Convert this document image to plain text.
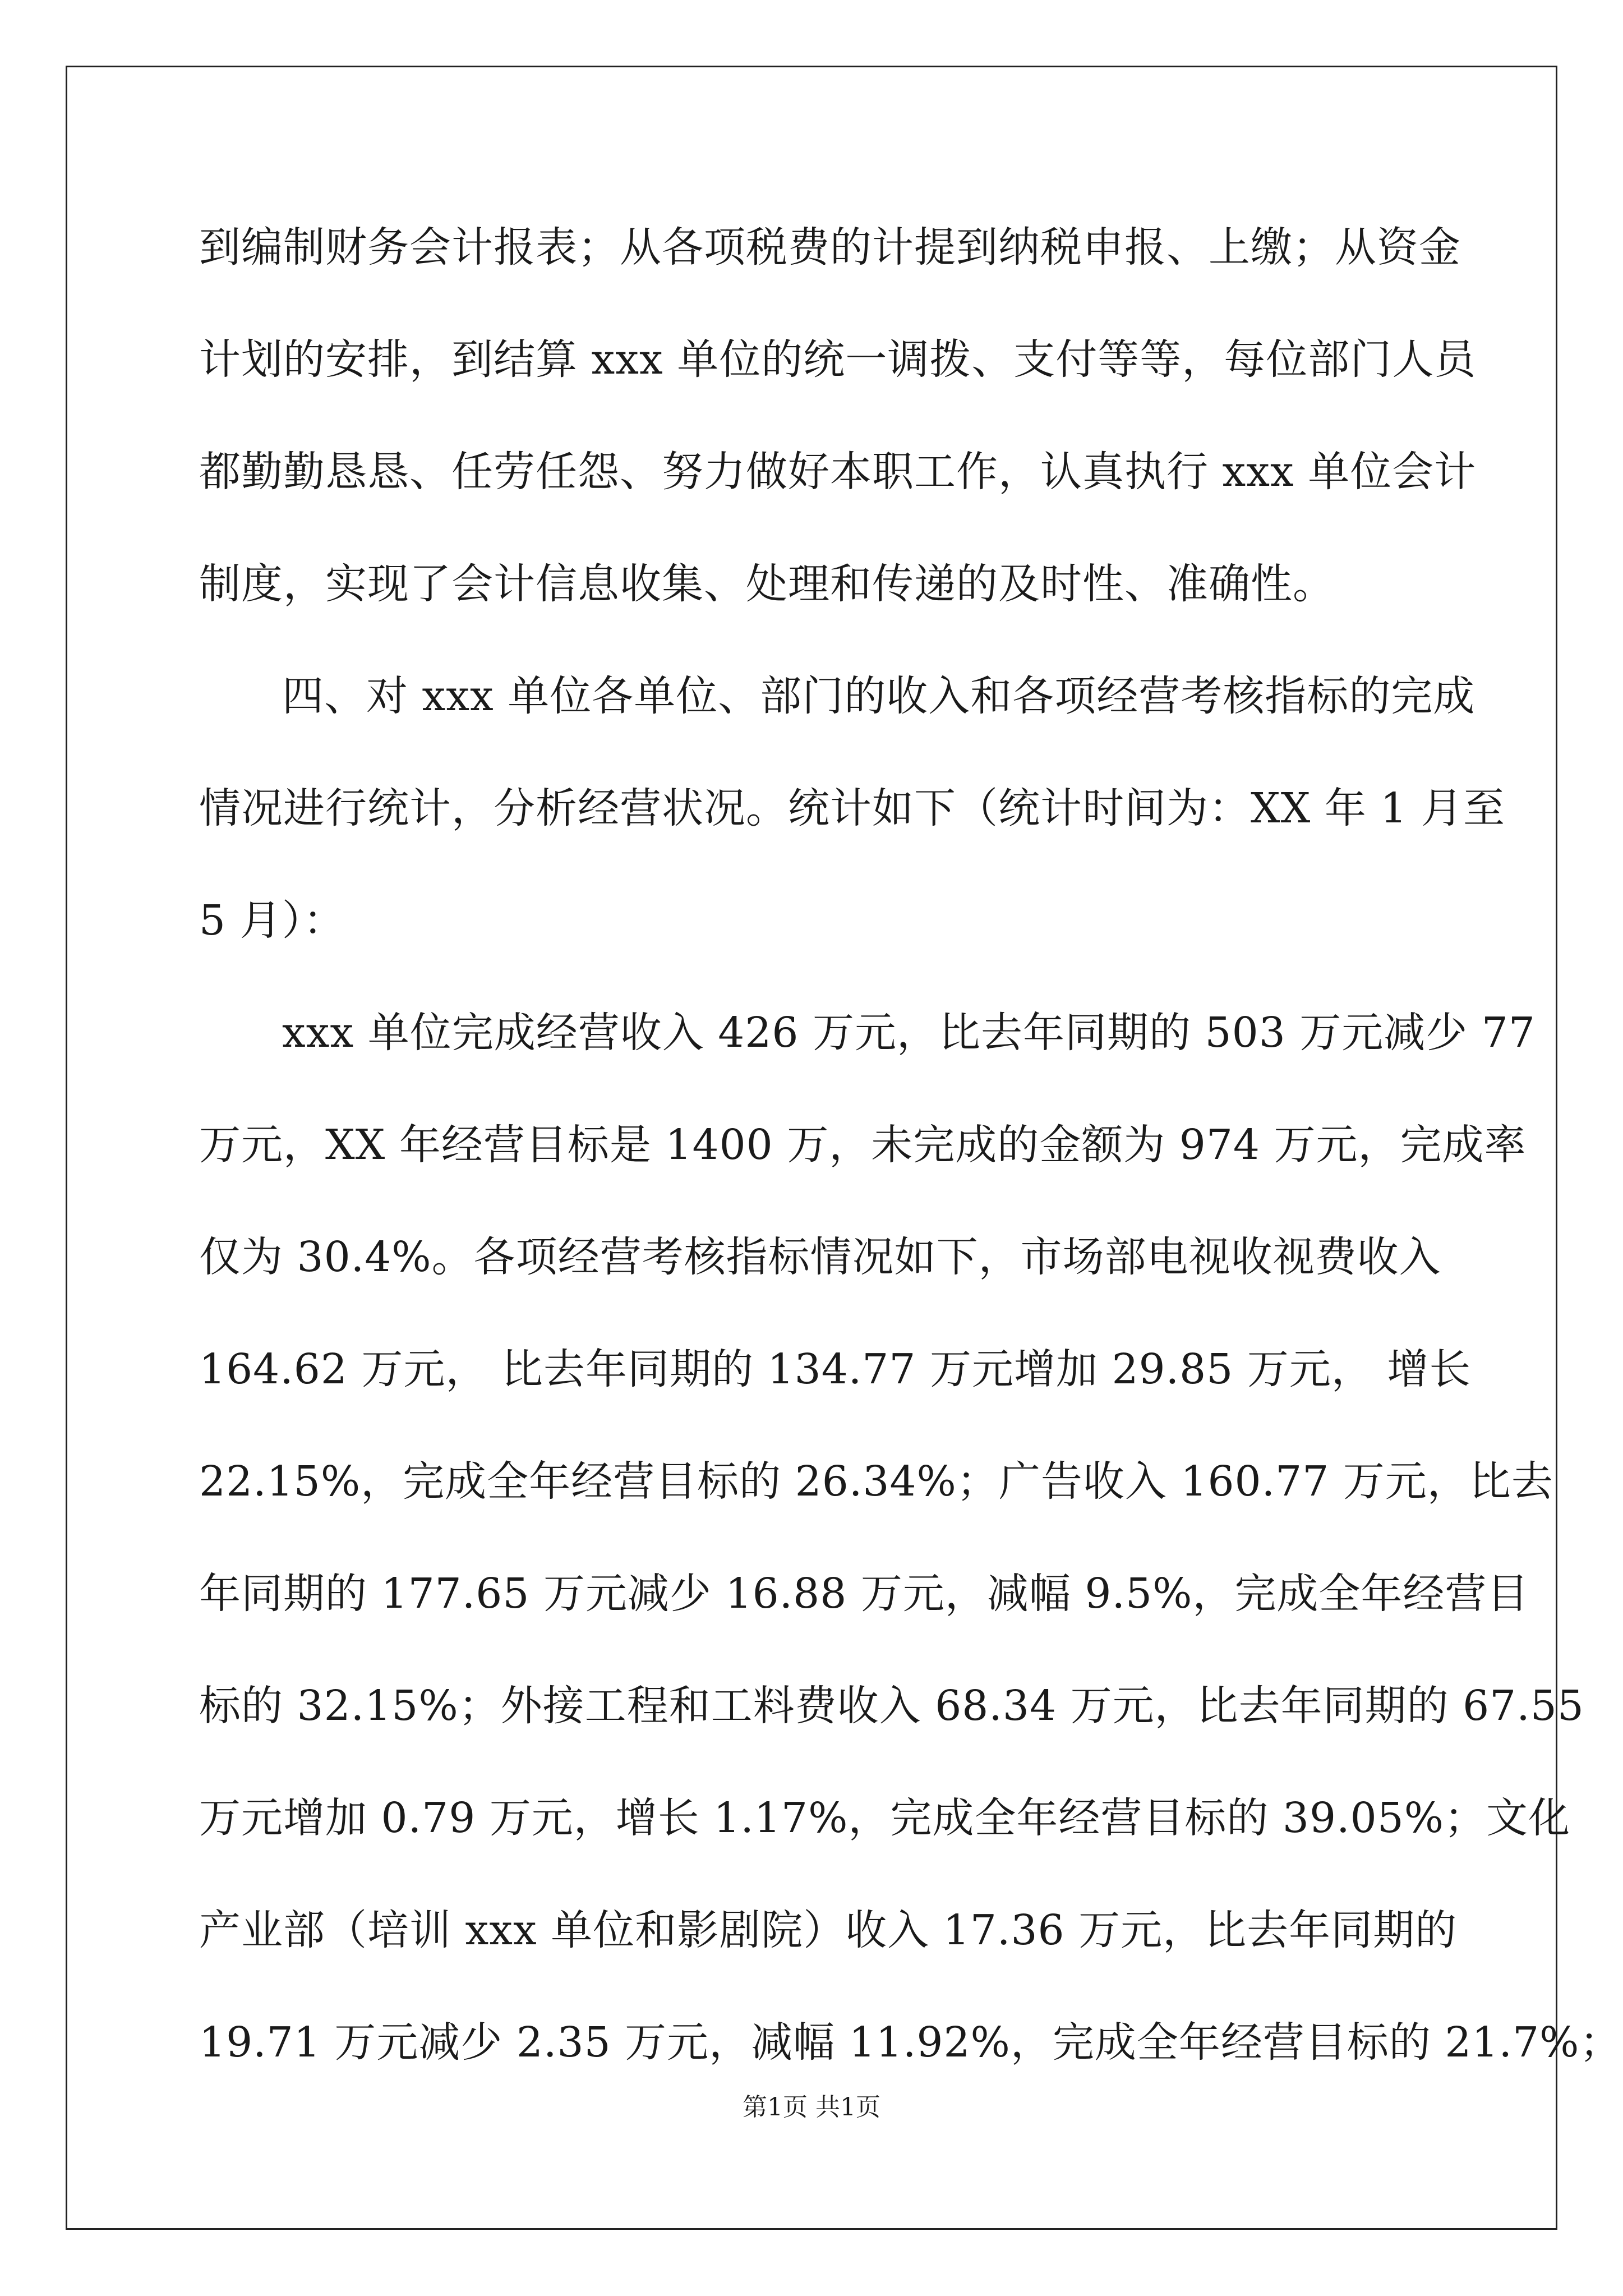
到编制财务会计报表；从各项税费的计提到纳税申报、上缴；从资金
计划的安排，到结算 xxx 单位的统一调拨、支付等等，每位部门人员
都勤勤恳恳、任劳任怨、努力做好本职工作，认真执行 xxx 单位会计
制度，实现了会计信息收集、处理和传递的及时性、准确性。
四、对 xxx 单位各单位、部门的收入和各项经营考核指标的完成
情况进行统计，分析经营状况。统计如下（统计时间为：XX 年 1 月至
5 月）：
xxx 单位完成经营收入 426 万元，比去年同期的 503 万元减少 77
万元，XX 年经营目标是 1400 万，未完成的金额为 974 万元，完成率
仅为 30.4%。各项经营考核指标情况如下，市场部电视收视费收入
164.62 万元， 比去年同期的 134.77 万元增加 29.85 万元， 增长
22.15%，完成全年经营目标的 26.34%；广告收入 160.77 万元，比去
年同期的 177.65 万元减少 16.88 万元，减幅 9.5%，完成全年经营目
标的 32.15%；外接工程和工料费收入 68.34 万元，比去年同期的 67.55
万元增加 0.79 万元，增长 1.17%，完成全年经营目标的 39.05%；文化
产业部（培训 xxx 单位和影剧院）收入 17.36 万元，比去年同期的
19.71 万元减少 2.35 万元，减幅 11.92%，完成全年经营目标的 21.7%；
第1页 共1页
